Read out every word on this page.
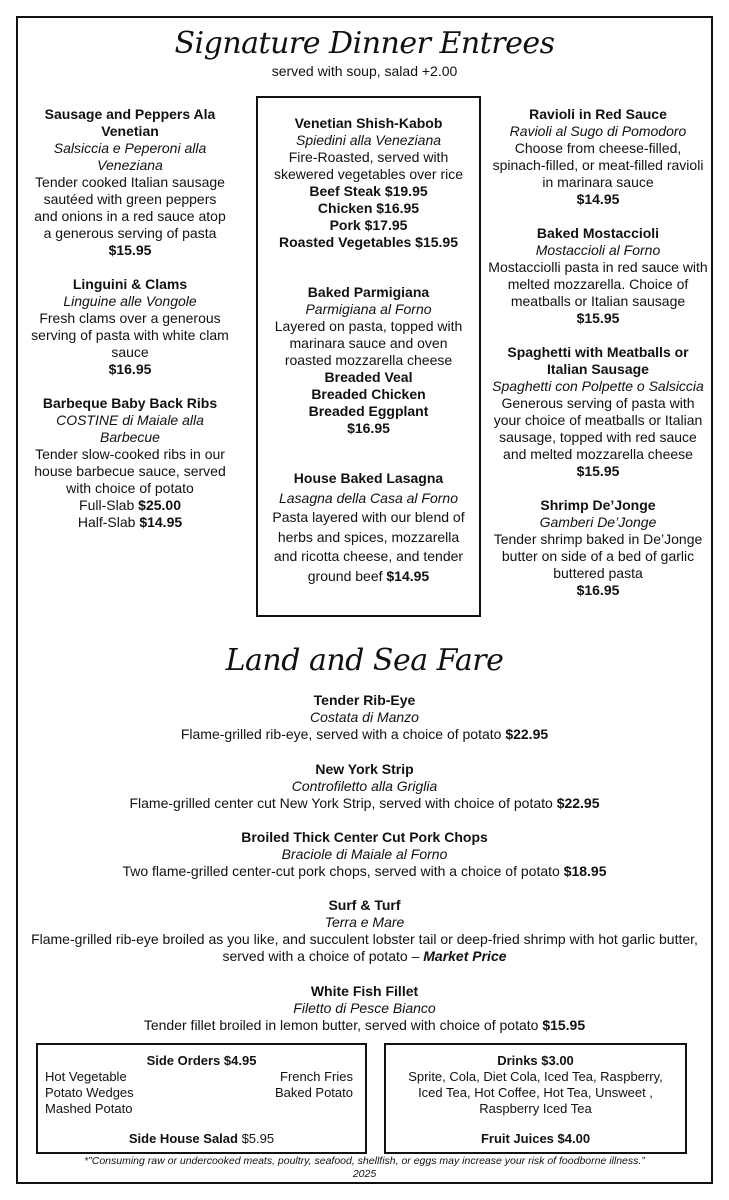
Signature Dinner Entrees
served with soup, salad +2.00
Sausage and Peppers Ala Venetian
Salsiccia e Peperoni alla Veneziana
Tender cooked Italian sausage sautéed with green peppers and onions in a red sauce atop a generous serving of pasta
$15.95
Linguini & Clams
Linguine alle Vongole
Fresh clams over a generous serving of pasta with white clam sauce
$16.95
Barbeque Baby Back Ribs
COSTINE di Maiale alla Barbecue
Tender slow-cooked ribs in our house barbecue sauce, served with choice of potato
Full-Slab $25.00
Half-Slab $14.95
Venetian Shish-Kabob
Spiedini alla Veneziana
Fire-Roasted, served with skewered vegetables over rice
Beef Steak $19.95
Chicken $16.95
Pork $17.95
Roasted Vegetables $15.95
Baked Parmigiana
Parmigiana al Forno
Layered on pasta, topped with marinara sauce and oven roasted mozzarella cheese
Breaded Veal
Breaded Chicken
Breaded Eggplant
$16.95
House Baked Lasagna
Lasagna della Casa al Forno
Pasta layered with our blend of herbs and spices, mozzarella and ricotta cheese, and tender ground beef $14.95
Ravioli in Red Sauce
Ravioli al Sugo di Pomodoro
Choose from cheese-filled, spinach-filled, or meat-filled ravioli in marinara sauce
$14.95
Baked Mostaccioli
Mostaccioli al Forno
Mostacciolli pasta in red sauce with melted mozzarella. Choice of meatballs or Italian sausage
$15.95
Spaghetti with Meatballs or Italian Sausage
Spaghetti con Polpette o Salsiccia
Generous serving of pasta with your choice of meatballs or Italian sausage, topped with red sauce and melted mozzarella cheese
$15.95
Shrimp De’Jonge
Gamberi De’Jonge
Tender shrimp baked in De’Jonge butter on side of a bed of garlic buttered pasta
$16.95
Land and Sea Fare
Tender Rib-Eye
Costata di Manzo
Flame-grilled rib-eye, served with a choice of potato $22.95
New York Strip
Controfiletto alla Griglia
Flame-grilled center cut New York Strip, served with choice of potato $22.95
Broiled Thick Center Cut Pork Chops
Braciole di Maiale al Forno
Two flame-grilled center-cut pork chops, served with a choice of potato $18.95
Surf & Turf
Terra e Mare
Flame-grilled rib-eye broiled as you like, and succulent lobster tail or deep-fried shrimp with hot garlic butter, served with a choice of potato – Market Price
White Fish Fillet
Filetto di Pesce Bianco
Tender fillet broiled in lemon butter, served with choice of potato $15.95
Side Orders $4.95
Hot Vegetable
Potato Wedges
Mashed Potato
French Fries
Baked Potato
Side House Salad $5.95
Drinks $3.00
Sprite, Cola, Diet Cola, Iced Tea, Raspberry, Iced Tea, Hot Coffee, Hot Tea, Unsweet , Raspberry Iced Tea
Fruit Juices $4.00
*”Consuming raw or undercooked meats, poultry, seafood, shellfish, or eggs may increase your risk of foodborne illness.”
2025
